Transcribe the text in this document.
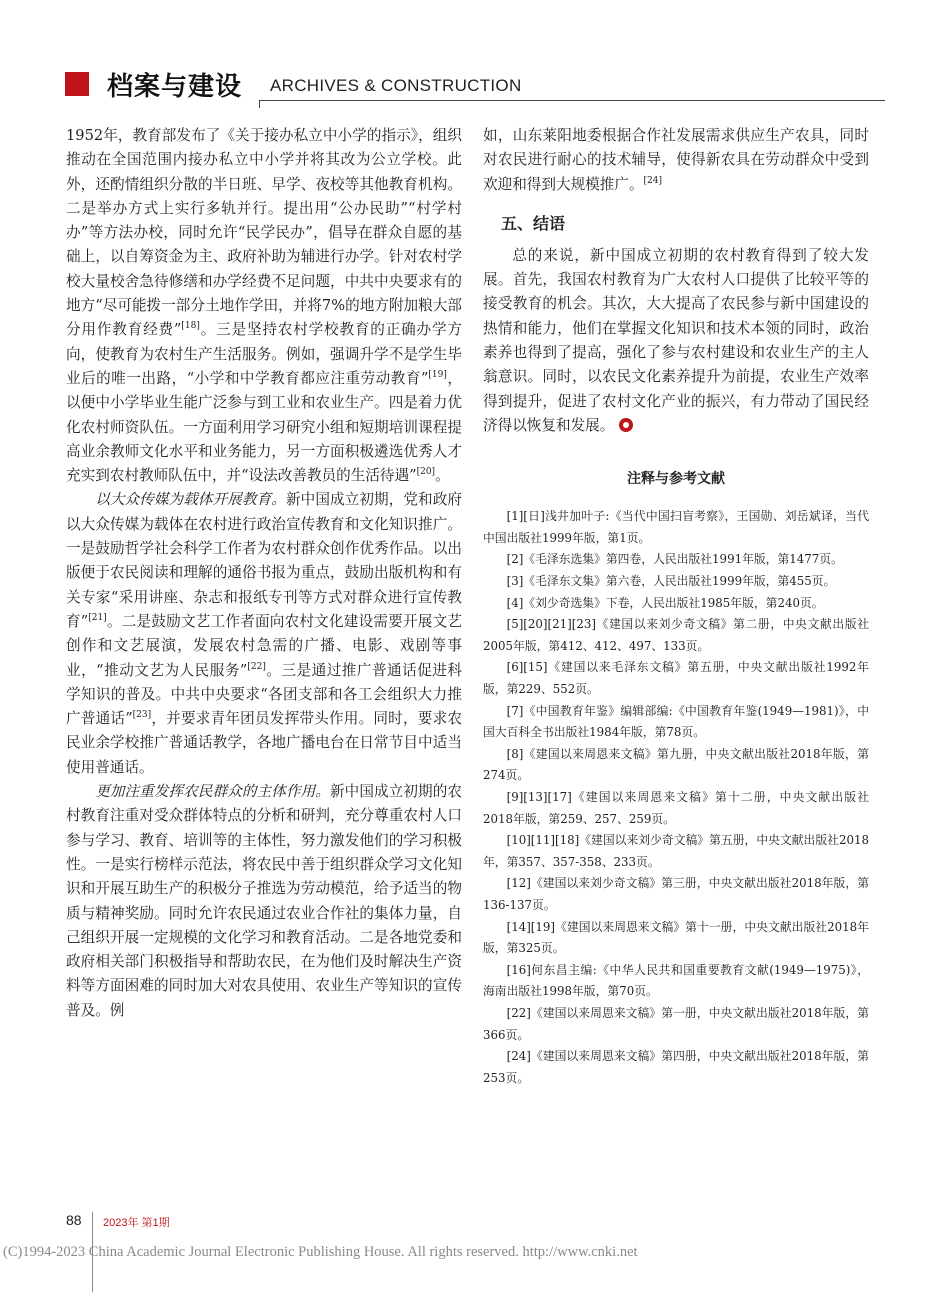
档案与建设 ARCHIVES & CONSTRUCTION

1952年，教育部发布了《关于接办私立中小学的指示》，组织推动在全国范围内接办私立中小学并将其改为公立学校。此外，还酌情组织分散的半日班、早学、夜校等其他教育机构。二是举办方式上实行多轨并行。提出用“公办民助”“村学村办”等方法办校，同时允许“民学民办”，倡导在群众自愿的基础上，以自筹资金为主、政府补助为辅进行办学。针对农村学校大量校舍急待修缮和办学经费不足问题，中共中央要求有的地方“尽可能拨一部分土地作学田，并将7%的地方附加粮大部分用作教育经费”[18]。三是坚持农村学校教育的正确办学方向，使教育为农村生产生活服务。例如，强调升学不是学生毕业后的唯一出路，“小学和中学教育都应注重劳动教育”[19]，以便中小学毕业生能广泛参与到工业和农业生产。四是着力优化农村师资队伍。一方面利用学习研究小组和短期培训课程提高业余教师文化水平和业务能力，另一方面积极遴选优秀人才充实到农村教师队伍中，并“设法改善教员的生活待遇”[20]。

以大众传媒为载体开展教育。新中国成立初期，党和政府以大众传媒为载体在农村进行政治宣传教育和文化知识推广。一是鼓励哲学社会科学工作者为农村群众创作优秀作品。以出版便于农民阅读和理解的通俗书报为重点，鼓励出版机构和有关专家“采用讲座、杂志和报纸专刊等方式对群众进行宣传教育”[21]。二是鼓励文艺工作者面向农村文化建设需要开展文艺创作和文艺展演，发展农村急需的广播、电影、戏剧等事业，“推动文艺为人民服务”[22]。三是通过推广普通话促进科学知识的普及。中共中央要求“各团支部和各工会组织大力推广普通话”[23]，并要求青年团员发挥带头作用。同时，要求农民业余学校推广普通话教学，各地广播电台在日常节目中适当使用普通话。

更加注重发挥农民群众的主体作用。新中国成立初期的农村教育注重对受众群体特点的分析和研判，充分尊重农村人口参与学习、教育、培训等的主体性，努力激发他们的学习积极性。一是实行榜样示范法，将农民中善于组织群众学习文化知识和开展互助生产的积极分子推选为劳动模范，给予适当的物质与精神奖励。同时允许农民通过农业合作社的集体力量，自己组织开展一定规模的文化学习和教育活动。二是各地党委和政府相关部门积极指导和帮助农民，在为他们及时解决生产资料等方面困难的同时加大对农具使用、农业生产等知识的宣传普及。例

如，山东莱阳地委根据合作社发展需求供应生产农具，同时对农民进行耐心的技术辅导，使得新农具在劳动群众中受到欢迎和得到大规模推广。[24]

五、结语

总的来说，新中国成立初期的农村教育得到了较大发展。首先，我国农村教育为广大农村人口提供了比较平等的接受教育的机会。其次，大大提高了农民参与新中国建设的热情和能力，他们在掌握文化知识和技术本领的同时，政治素养也得到了提高，强化了参与农村建设和农业生产的主人翁意识。同时，以农民文化素养提升为前提，农业生产效率得到提升，促进了农村文化产业的振兴，有力带动了国民经济得以恢复和发展。

注释与参考文献

[1][日]浅井加叶子:《当代中国扫盲考察》，王国勋、刘岳斌译，当代中国出版社1999年版，第1页。

[2]《毛泽东选集》第四卷，人民出版社1991年版，第1477页。

[3]《毛泽东文集》第六卷，人民出版社1999年版，第455页。

[4]《刘少奇选集》下卷，人民出版社1985年版，第240页。

[5][20][21][23]《建国以来刘少奇文稿》第二册，中央文献出版社2005年版，第412、412、497、133页。

[6][15]《建国以来毛泽东文稿》第五册，中央文献出版社1992年版，第229、552页。

[7]《中国教育年鉴》编辑部编:《中国教育年鉴(1949—1981)》，中国大百科全书出版社1984年版，第78页。

[8]《建国以来周恩来文稿》第九册，中央文献出版社2018年版，第274页。

[9][13][17]《建国以来周恩来文稿》第十二册，中央文献出版社2018年版，第259、257、259页。

[10][11][18]《建国以来刘少奇文稿》第五册，中央文献出版社2018年，第357、357-358、233页。

[12]《建国以来刘少奇文稿》第三册，中央文献出版社2018年版，第136-137页。

[14][19]《建国以来周恩来文稿》第十一册，中央文献出版社2018年版，第325页。

[16]何东昌主编:《中华人民共和国重要教育文献(1949—1975)》，海南出版社1998年版，第70页。

[22]《建国以来周恩来文稿》第一册，中央文献出版社2018年版，第366页。

[24]《建国以来周恩来文稿》第四册，中央文献出版社2018年版，第253页。

88 2023年 第1期
(C)1994-2023 China Academic Journal Electronic Publishing House. All rights reserved. http://www.cnki.net
